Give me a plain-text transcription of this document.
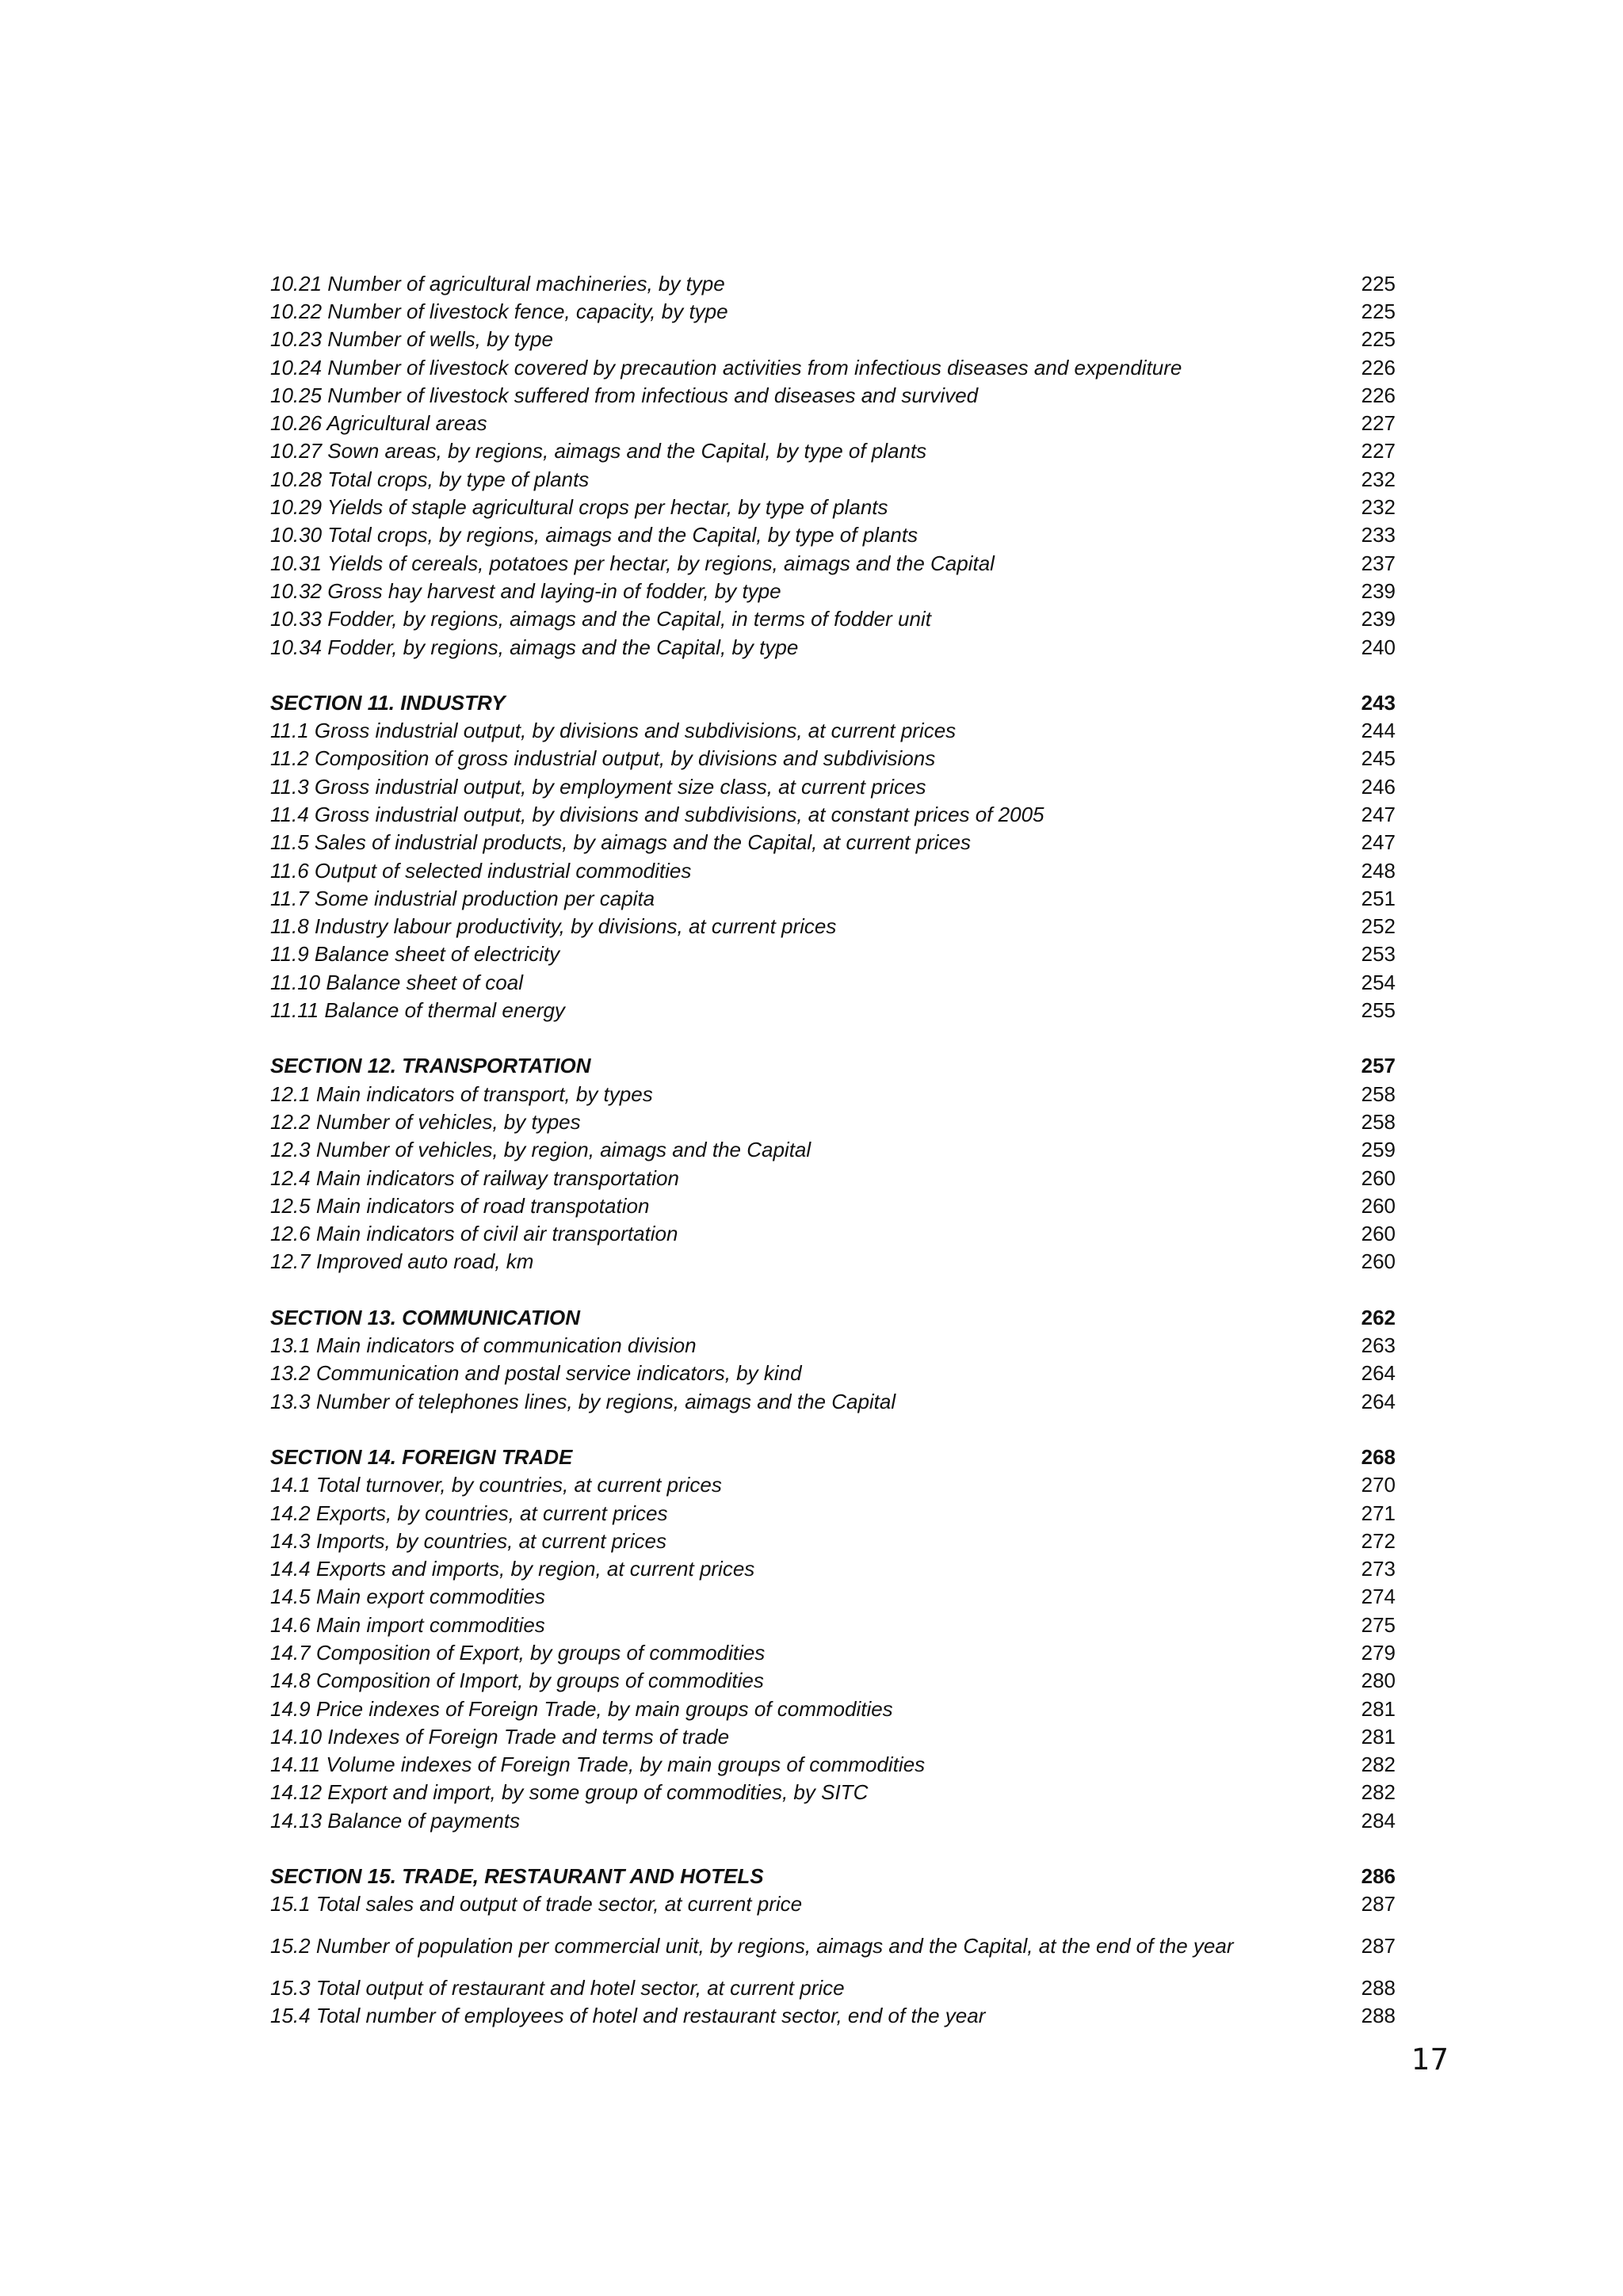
10.21 Number of agricultural machineries, by type	225
10.22 Number of livestock fence, capacity, by type	225
10.23 Number of wells, by type	225
10.24 Number of livestock covered by precaution activities from infectious diseases and expenditure	226
10.25 Number of livestock suffered from infectious and diseases and survived	226
10.26 Agricultural areas	227
10.27 Sown areas, by regions, aimags and the Capital, by type of plants	227
10.28 Total crops, by type of plants	232
10.29 Yields of staple agricultural crops per hectar, by type of plants	232
10.30 Total crops, by regions, aimags and the Capital, by type of plants	233
10.31 Yields of cereals, potatoes per hectar, by regions, aimags and the Capital	237
10.32 Gross hay harvest and laying-in of fodder, by type	239
10.33 Fodder, by regions, aimags and the Capital, in terms of fodder unit	239
10.34 Fodder, by regions, aimags and the Capital, by type	240
SECTION 11. INDUSTRY	243
11.1 Gross industrial output, by divisions and subdivisions, at current prices	244
11.2 Composition of gross industrial output, by divisions and subdivisions	245
11.3 Gross industrial output, by employment size class, at current prices	246
11.4 Gross industrial output, by divisions and subdivisions, at constant prices of 2005	247
11.5 Sales of industrial products, by aimags and the Capital, at current prices	247
11.6 Output of selected industrial commodities	248
11.7 Some industrial production per capita	251
11.8 Industry labour productivity, by divisions, at current prices	252
11.9 Balance sheet of electricity	253
11.10 Balance sheet of coal	254
11.11 Balance of thermal energy	255
SECTION 12. TRANSPORTATION	257
12.1 Main indicators of transport, by types	258
12.2 Number of vehicles, by types	258
12.3 Number of vehicles, by region, aimags and the Capital	259
12.4 Main indicators of railway transportation	260
12.5 Main indicators of road transpotation	260
12.6 Main indicators of civil air transportation	260
12.7 Improved auto road, km	260
SECTION 13. COMMUNICATION	262
13.1 Main indicators of communication division	263
13.2 Communication and postal service indicators, by kind	264
13.3 Number of telephones lines, by regions, aimags and the Capital	264
SECTION 14. FOREIGN TRADE	268
14.1 Total turnover, by countries, at current prices	270
14.2 Exports, by countries, at current prices	271
14.3 Imports, by countries, at current prices	272
14.4 Exports and imports, by region, at current prices	273
14.5 Main export commodities	274
14.6 Main import commodities	275
14.7 Composition of Export, by groups of commodities	279
14.8 Composition of Import, by groups of commodities	280
14.9 Price indexes of Foreign Trade, by main groups of commodities	281
14.10 Indexes of Foreign Trade and terms of trade	281
14.11 Volume indexes of Foreign Trade, by main groups of commodities	282
14.12 Export and import, by some group of commodities, by SITC	282
14.13 Balance of payments	284
SECTION 15. TRADE, RESTAURANT AND HOTELS	286
15.1 Total sales and output of trade sector, at current price	287
15.2 Number of population per commercial unit, by regions, aimags and the Capital, at the end of the year	287
15.3 Total output of restaurant and hotel sector, at current price	288
15.4 Total number of employees of hotel and restaurant sector, end of the year	288
17
